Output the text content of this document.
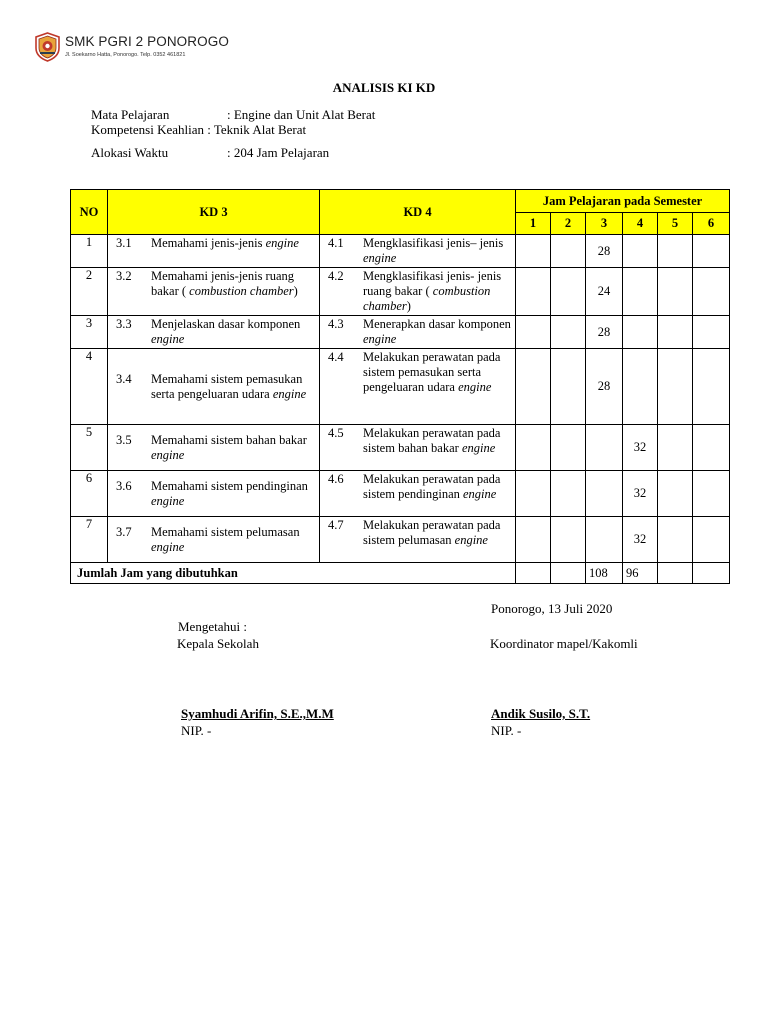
SMK PGRI 2 PONOROGO
Jl. Soekarno Hatta, Ponorogo. Telp. 0352 461821
ANALISIS KI KD
Mata Pelajaran	: Engine dan Unit Alat Berat
Kompetensi Keahlian : Teknik Alat Berat
Alokasi Waktu	: 204 Jam Pelajaran
NO	KD 3	KD 4	Jam Pelajaran pada Semester					
			1	2	3	4	5	6
1	3.1 Memahami jenis-jenis engine	4.1 Mengklasifikasi jenis– jenis engine			28			
2	3.2 Memahami jenis-jenis ruang bakar ( combustion chamber)	4.2 Mengklasifikasi jenis- jenis ruang bakar ( combustion chamber)			24			
3	3.3 Menjelaskan dasar komponen engine	4.3 Menerapkan dasar komponen engine			28			
4	3.4 Memahami sistem pemasukan serta pengeluaran udara engine	4.4 Melakukan perawatan pada sistem pemasukan serta pengeluaran udara engine			28			
5	3.5 Memahami sistem bahan bakar engine	4.5 Melakukan perawatan pada sistem bahan bakar engine				32		
6	3.6 Memahami sistem pendinginan engine	4.6 Melakukan perawatan pada sistem pendinginan engine				32		
7	3.7 Memahami sistem pelumasan engine	4.7 Melakukan perawatan pada sistem pelumasan engine				32		
Jumlah Jam yang dibutuhkan					108	96		
Ponorogo, 13 Juli 2020
Mengetahui :
Kepala Sekolah	Koordinator mapel/Kakomli
Syamhudi Arifin, S.E.,M.M	Andik Susilo, S.T.
NIP. -	NIP. -
